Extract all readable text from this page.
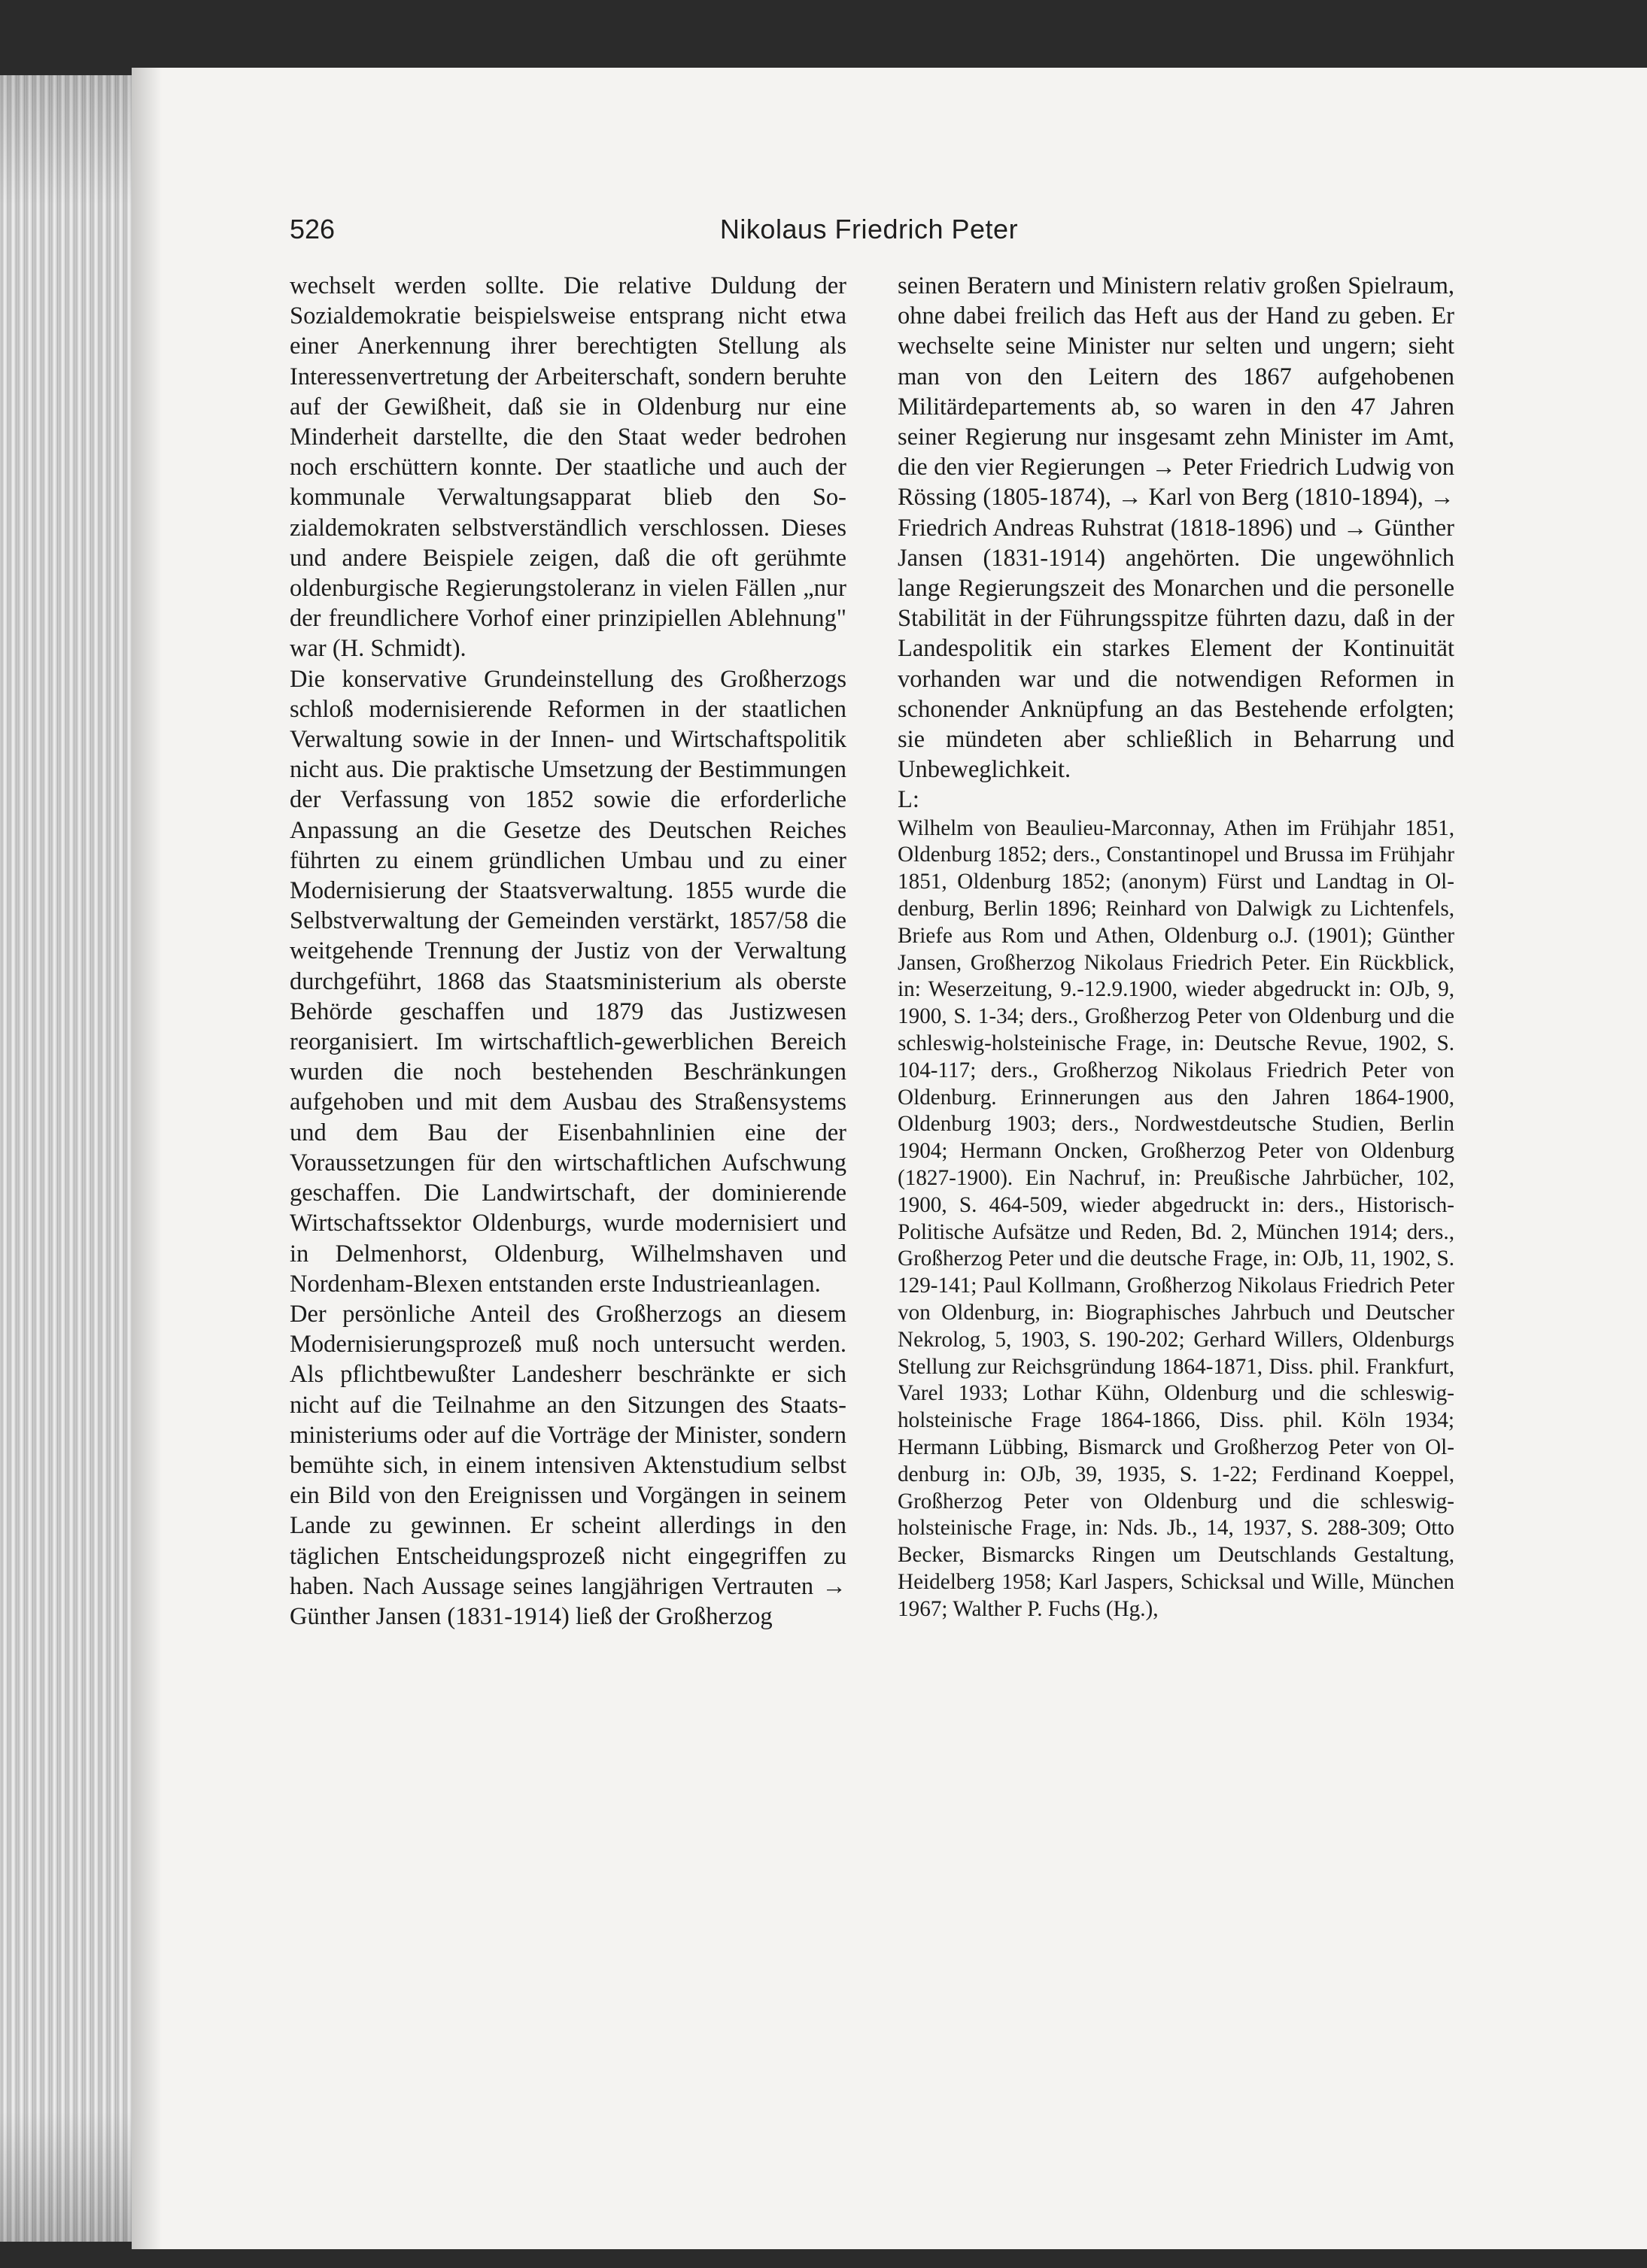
526	Nikolaus Friedrich Peter

wechselt werden sollte. Die relative Duldung der Sozialdemokratie beispielsweise entsprang nicht etwa einer Anerkennung ihrer berechtigten Stellung als Interessenvertretung der Arbeiterschaft, sondern beruhte auf der Gewißheit, daß sie in Oldenburg nur eine Minderheit darstellte, die den Staat weder bedrohen noch erschüttern konnte. Der staatliche und auch der kommunale Verwaltungsapparat blieb den Sozialdemokraten selbstverständlich verschlossen. Dieses und andere Beispiele zeigen, daß die oft gerühmte oldenburgische Regierungstoleranz in vielen Fällen „nur der freundlichere Vorhof einer prinzipiellen Ablehnung" war (H. Schmidt).

Die konservative Grundeinstellung des Großherzogs schloß modernisierende Reformen in der staatlichen Verwaltung sowie in der Innen- und Wirtschaftspolitik nicht aus. Die praktische Umsetzung der Bestimmungen der Verfassung von 1852 sowie die erforderliche Anpassung an die Gesetze des Deutschen Reiches führten zu einem gründlichen Umbau und zu einer Modernisierung der Staatsverwaltung. 1855 wurde die Selbstverwaltung der Gemeinden verstärkt, 1857/58 die weitgehende Trennung der Justiz von der Verwaltung durchgeführt, 1868 das Staatsministerium als oberste Behörde geschaffen und 1879 das Justizwesen reorganisiert. Im wirtschaftlich-gewerblichen Bereich wurden die noch bestehenden Beschränkungen aufgehoben und mit dem Ausbau des Straßensystems und dem Bau der Eisenbahnlinien eine der Voraussetzungen für den wirtschaftlichen Aufschwung geschaffen. Die Landwirtschaft, der dominierende Wirtschaftssektor Oldenburgs, wurde modernisiert und in Delmenhorst, Oldenburg, Wilhelmshaven und Nordenham-Blexen entstanden erste Industrieanlagen.

Der persönliche Anteil des Großherzogs an diesem Modernisierungsprozeß muß noch untersucht werden. Als pflichtbewußter Landesherr beschränkte er sich nicht auf die Teilnahme an den Sitzungen des Staatsministeriums oder auf die Vorträge der Minister, sondern bemühte sich, in einem intensiven Aktenstudium selbst ein Bild von den Ereignissen und Vorgängen in seinem Lande zu gewinnen. Er scheint allerdings in den täglichen Entscheidungsprozeß nicht eingegriffen zu haben. Nach Aussage seines langjährigen Vertrauten → Günther Jansen (1831-1914) ließ der Großherzog

seinen Beratern und Ministern relativ großen Spielraum, ohne dabei freilich das Heft aus der Hand zu geben. Er wechselte seine Minister nur selten und ungern; sieht man von den Leitern des 1867 aufgehobenen Militärdepartements ab, so waren in den 47 Jahren seiner Regierung nur insgesamt zehn Minister im Amt, die den vier Regierungen → Peter Friedrich Ludwig von Rössing (1805-1874), → Karl von Berg (1810-1894), → Friedrich Andreas Ruhstrat (1818-1896) und → Günther Jansen (1831-1914) angehörten. Die ungewöhnlich lange Regierungszeit des Monarchen und die personelle Stabilität in der Führungsspitze führten dazu, daß in der Landespolitik ein starkes Element der Kontinuität vorhanden war und die notwendigen Reformen in schonender Anknüpfung an das Bestehende erfolgten; sie mündeten aber schließlich in Beharrung und Unbeweglichkeit.

L:

Wilhelm von Beaulieu-Marconnay, Athen im Frühjahr 1851, Oldenburg 1852; ders., Constantinopel und Brussa im Frühjahr 1851, Oldenburg 1852; (anonym) Fürst und Landtag in Oldenburg, Berlin 1896; Reinhard von Dalwigk zu Lichtenfels, Briefe aus Rom und Athen, Oldenburg o.J. (1901); Günther Jansen, Großherzog Nikolaus Friedrich Peter. Ein Rückblick, in: Weserzeitung, 9.-12.9.1900, wieder abgedruckt in: OJb, 9, 1900, S. 1-34; ders., Großherzog Peter von Oldenburg und die schleswig-holsteinische Frage, in: Deutsche Revue, 1902, S. 104-117; ders., Großherzog Nikolaus Friedrich Peter von Oldenburg. Erinnerungen aus den Jahren 1864-1900, Oldenburg 1903; ders., Nordwestdeutsche Studien, Berlin 1904; Hermann Oncken, Großherzog Peter von Oldenburg (1827-1900). Ein Nachruf, in: Preußische Jahrbücher, 102, 1900, S. 464-509, wieder abgedruckt in: ders., Historisch-Politische Aufsätze und Reden, Bd. 2, München 1914; ders., Großherzog Peter und die deutsche Frage, in: OJb, 11, 1902, S. 129-141; Paul Kollmann, Großherzog Nikolaus Friedrich Peter von Oldenburg, in: Biographisches Jahrbuch und Deutscher Nekrolog, 5, 1903, S. 190-202; Gerhard Willers, Oldenburgs Stellung zur Reichsgründung 1864-1871, Diss. phil. Frankfurt, Varel 1933; Lothar Kühn, Oldenburg und die schleswig-holsteinische Frage 1864-1866, Diss. phil. Köln 1934; Hermann Lübbing, Bismarck und Großherzog Peter von Oldenburg in: OJb, 39, 1935, S. 1-22; Ferdinand Koeppel, Großherzog Peter von Oldenburg und die schleswig-holsteinische Frage, in: Nds. Jb., 14, 1937, S. 288-309; Otto Becker, Bismarcks Ringen um Deutschlands Gestaltung, Heidelberg 1958; Karl Jaspers, Schicksal und Wille, München 1967; Walther P. Fuchs (Hg.),
